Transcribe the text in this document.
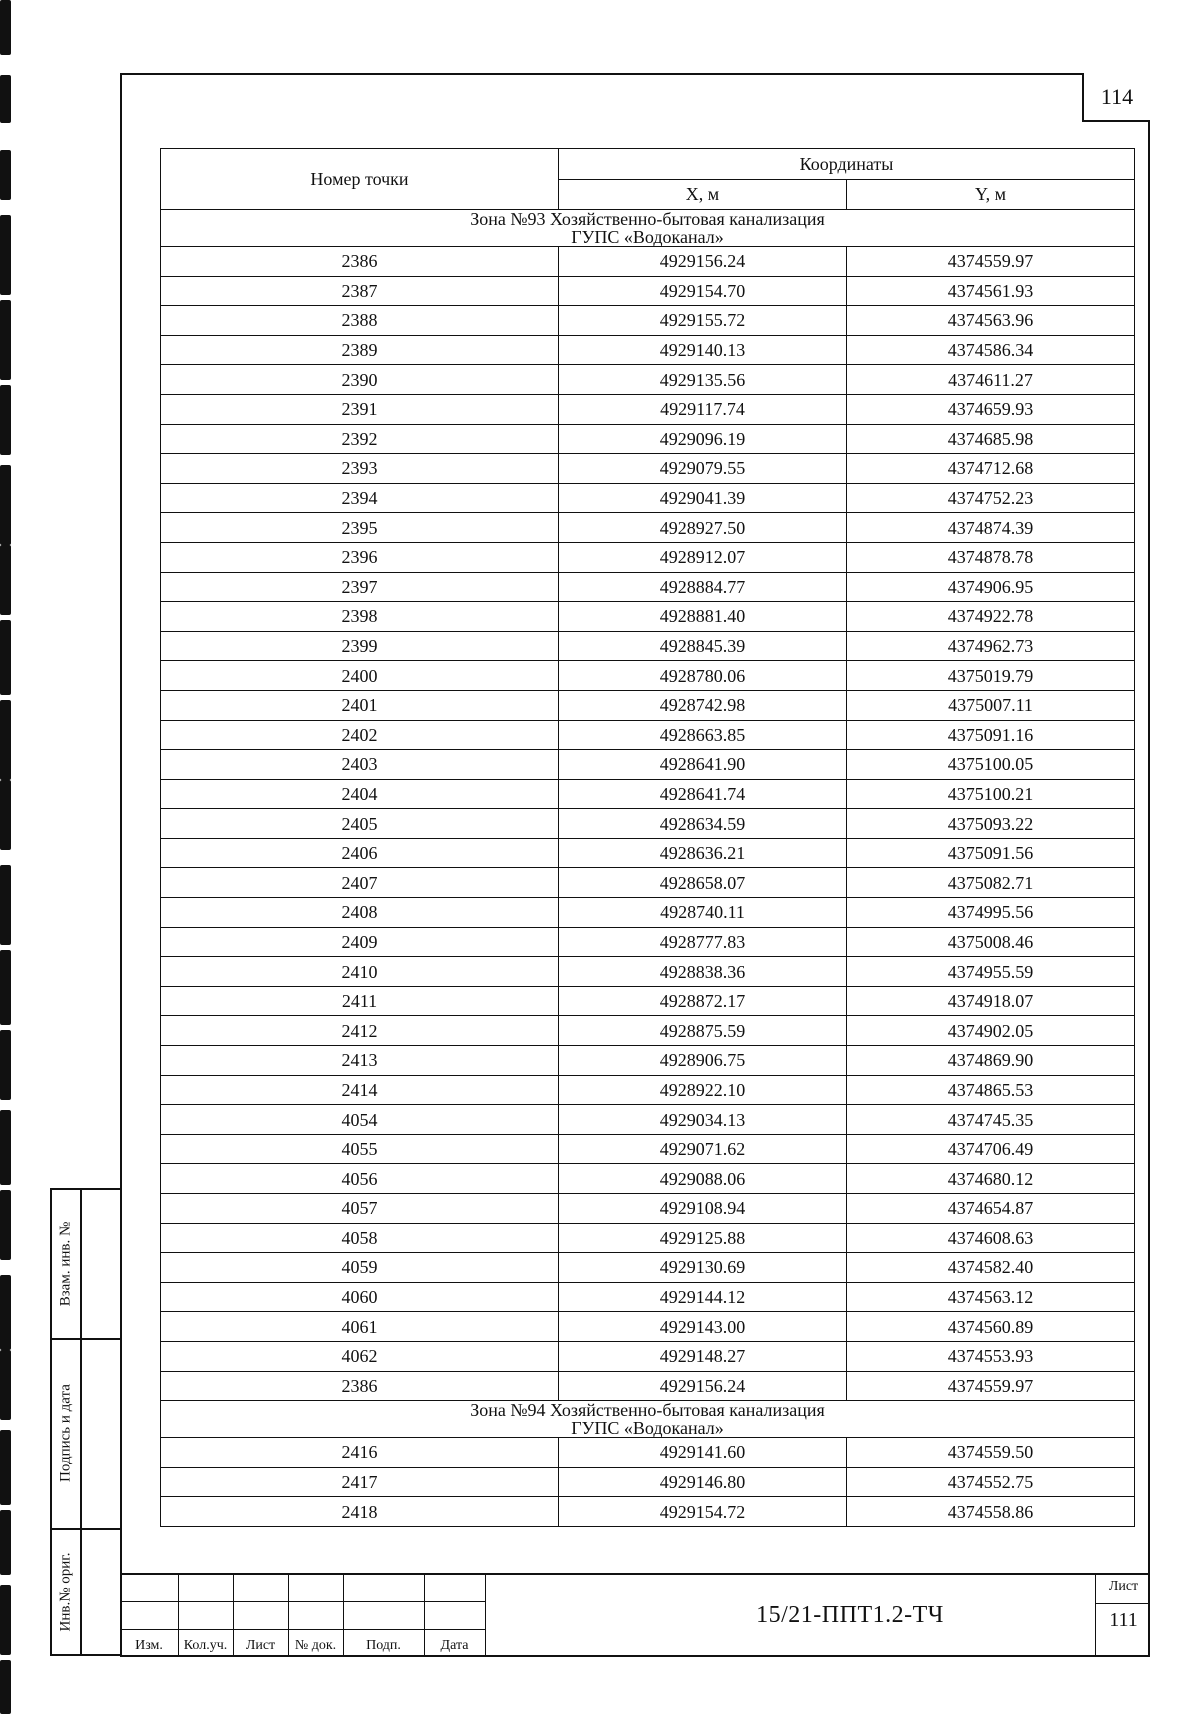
114
Номер точки	Координаты	
	X, м	Y, м

Зона №93 Хозяйственно-бытовая канализация
ГУПС «Водоканал»		

2386	4929156.24	4374559.97
2387	4929154.70	4374561.93
2388	4929155.72	4374563.96
2389	4929140.13	4374586.34
2390	4929135.56	4374611.27
2391	4929117.74	4374659.93
2392	4929096.19	4374685.98
2393	4929079.55	4374712.68
2394	4929041.39	4374752.23
2395	4928927.50	4374874.39
2396	4928912.07	4374878.78
2397	4928884.77	4374906.95
2398	4928881.40	4374922.78
2399	4928845.39	4374962.73
2400	4928780.06	4375019.79
2401	4928742.98	4375007.11
2402	4928663.85	4375091.16
2403	4928641.90	4375100.05
2404	4928641.74	4375100.21
2405	4928634.59	4375093.22
2406	4928636.21	4375091.56
2407	4928658.07	4375082.71
2408	4928740.11	4374995.56
2409	4928777.83	4375008.46
2410	4928838.36	4374955.59
2411	4928872.17	4374918.07
2412	4928875.59	4374902.05
2413	4928906.75	4374869.90
2414	4928922.10	4374865.53
4054	4929034.13	4374745.35
4055	4929071.62	4374706.49
4056	4929088.06	4374680.12
4057	4929108.94	4374654.87
4058	4929125.88	4374608.63
4059	4929130.69	4374582.40
4060	4929144.12	4374563.12
4061	4929143.00	4374560.89
4062	4929148.27	4374553.93
2386	4929156.24	4374559.97

Зона №94 Хозяйственно-бытовая канализация
ГУПС «Водоканал»		

2416	4929141.60	4374559.50
2417	4929146.80	4374552.75
2418	4929154.72	4374558.86
Взам. инв. №
Подпись и дата
Инв.№ ориг.
Изм.	Кол.уч.	Лист	№ док.	Подп.	Дата
15/21-ППТ1.2-ТЧ
Лист
111
